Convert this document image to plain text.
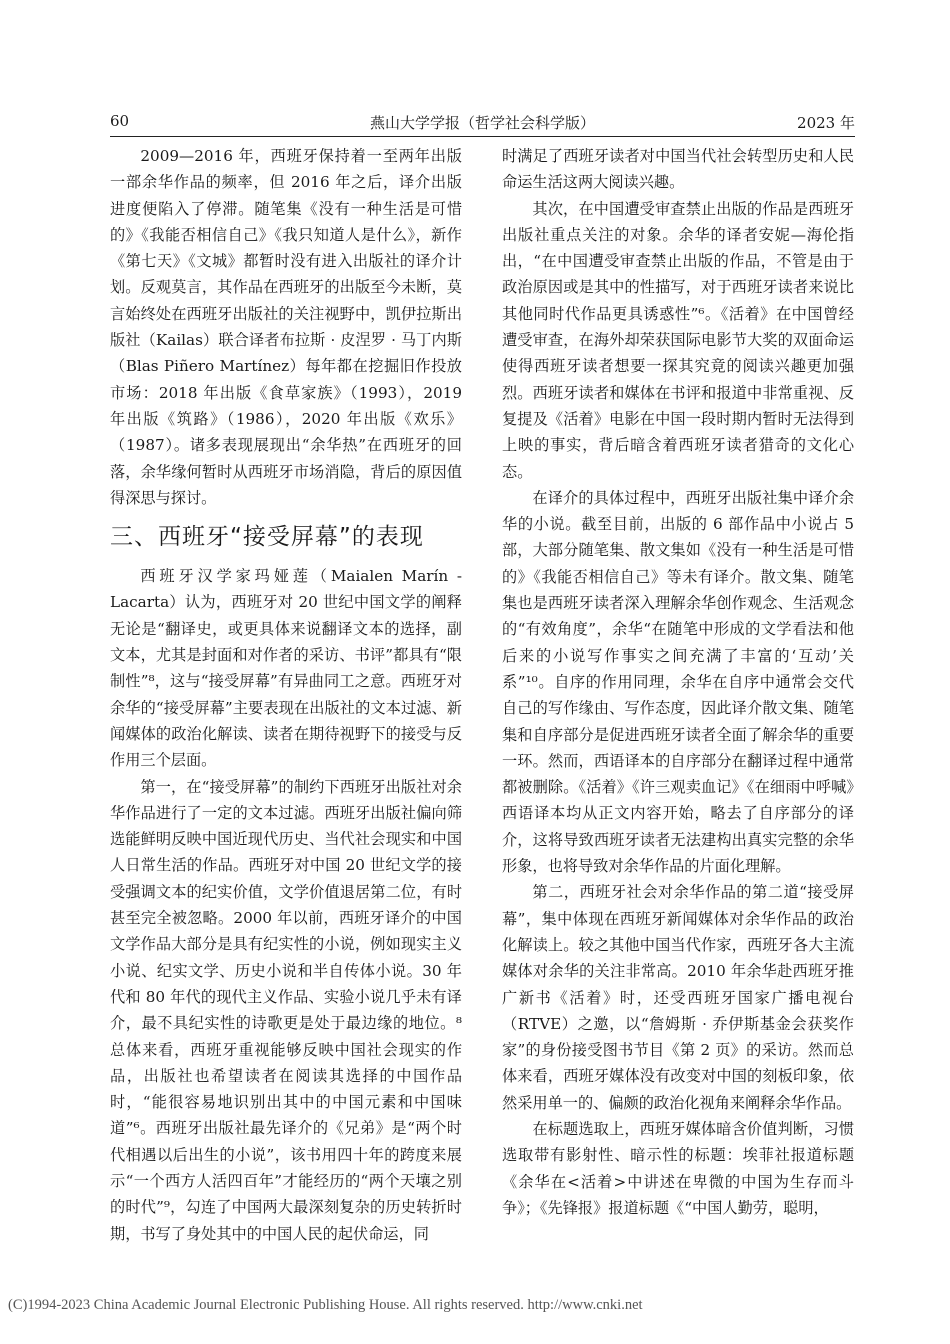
60	燕山大学学报（哲学社会科学版）	2023 年

2009—2016 年，西班牙保持着一至两年出版一部余华作品的频率，但 2016 年之后，译介出版进度便陷入了停滞。随笔集《没有一种生活是可惜的》《我能否相信自己》《我只知道人是什么》，新作《第七天》《文城》都暂时没有进入出版社的译介计划。反观莫言，其作品在西班牙的出版至今未断，莫言始终处在西班牙出版社的关注视野中，凯伊拉斯出版社（Kailas）联合译者布拉斯 · 皮涅罗 · 马丁内斯（Blas Piñero Martínez）每年都在挖掘旧作投放市场：2018 年出版《食草家族》（1993），2019 年出版《筑路》（1986），2020 年出版《欢乐》（1987）。诸多表现展现出“余华热”在西班牙的回落，余华缘何暂时从西班牙市场消隐，背后的原因值得深思与探讨。

三、西班牙“接受屏幕”的表现

西班牙汉学家玛娅莲（Maialen Marín - Lacarta）认为，西班牙对 20 世纪中国文学的阐释无论是“翻译史，或更具体来说翻译文本的选择，副文本，尤其是封面和对作者的采访、书评”都具有“限制性”⁸，这与“接受屏幕”有异曲同工之意。西班牙对余华的“接受屏幕”主要表现在出版社的文本过滤、新闻媒体的政治化解读、读者在期待视野下的接受与反作用三个层面。

第一，在“接受屏幕”的制约下西班牙出版社对余华作品进行了一定的文本过滤。西班牙出版社偏向筛选能鲜明反映中国近现代历史、当代社会现实和中国人日常生活的作品。西班牙对中国 20 世纪文学的接受强调文本的纪实价值，文学价值退居第二位，有时甚至完全被忽略。2000 年以前，西班牙译介的中国文学作品大部分是具有纪实性的小说，例如现实主义小说、纪实文学、历史小说和半自传体小说。30 年代和 80 年代的现代主义作品、实验小说几乎未有译介，最不具纪实性的诗歌更是处于最边缘的地位。⁸ 总体来看，西班牙重视能够反映中国社会现实的作品，出版社也希望读者在阅读其选择的中国作品时，“能很容易地识别出其中的中国元素和中国味道”⁶。西班牙出版社最先译介的《兄弟》是“两个时代相遇以后出生的小说”，该书用四十年的跨度来展示“一个西方人活四百年”才能经历的“两个天壤之别的时代”⁹，勾连了中国两大最深刻复杂的历史转折时期，书写了身处其中的中国人民的起伏命运，同

时满足了西班牙读者对中国当代社会转型历史和人民命运生活这两大阅读兴趣。

其次，在中国遭受审查禁止出版的作品是西班牙出版社重点关注的对象。余华的译者安妮—海伦指出，“在中国遭受审查禁止出版的作品，不管是由于政治原因或是其中的性描写，对于西班牙读者来说比其他同时代作品更具诱惑性”⁶。《活着》在中国曾经遭受审查，在海外却荣获国际电影节大奖的双面命运使得西班牙读者想要一探其究竟的阅读兴趣更加强烈。西班牙读者和媒体在书评和报道中非常重视、反复提及《活着》电影在中国一段时期内暂时无法得到上映的事实，背后暗含着西班牙读者猎奇的文化心态。

在译介的具体过程中，西班牙出版社集中译介余华的小说。截至目前，出版的 6 部作品中小说占 5 部，大部分随笔集、散文集如《没有一种生活是可惜的》《我能否相信自己》等未有译介。散文集、随笔集也是西班牙读者深入理解余华创作观念、生活观念的“有效角度”，余华“在随笔中形成的文学看法和他后来的小说写作事实之间充满了丰富的‘互动’关系”¹⁰。自序的作用同理，余华在自序中通常会交代自己的写作缘由、写作态度，因此译介散文集、随笔集和自序部分是促进西班牙读者全面了解余华的重要一环。然而，西语译本的自序部分在翻译过程中通常都被删除。《活着》《许三观卖血记》《在细雨中呼喊》西语译本均从正文内容开始，略去了自序部分的译介，这将导致西班牙读者无法建构出真实完整的余华形象，也将导致对余华作品的片面化理解。

第二，西班牙社会对余华作品的第二道“接受屏幕”，集中体现在西班牙新闻媒体对余华作品的政治化解读上。较之其他中国当代作家，西班牙各大主流媒体对余华的关注非常高。2010 年余华赴西班牙推广新书《活着》时，还受西班牙国家广播电视台（RTVE）之邀，以“詹姆斯 · 乔伊斯基金会获奖作家”的身份接受图书节目《第 2 页》的采访。然而总体来看，西班牙媒体没有改变对中国的刻板印象，依然采用单一的、偏颇的政治化视角来阐释余华作品。

在标题选取上，西班牙媒体暗含价值判断，习惯选取带有影射性、暗示性的标题：埃菲社报道标题《余华在<活着>中讲述在卑微的中国为生存而斗争》；《先锋报》报道标题《“中国人勤劳，聪明，

(C)1994-2023 China Academic Journal Electronic Publishing House. All rights reserved. http://www.cnki.net
